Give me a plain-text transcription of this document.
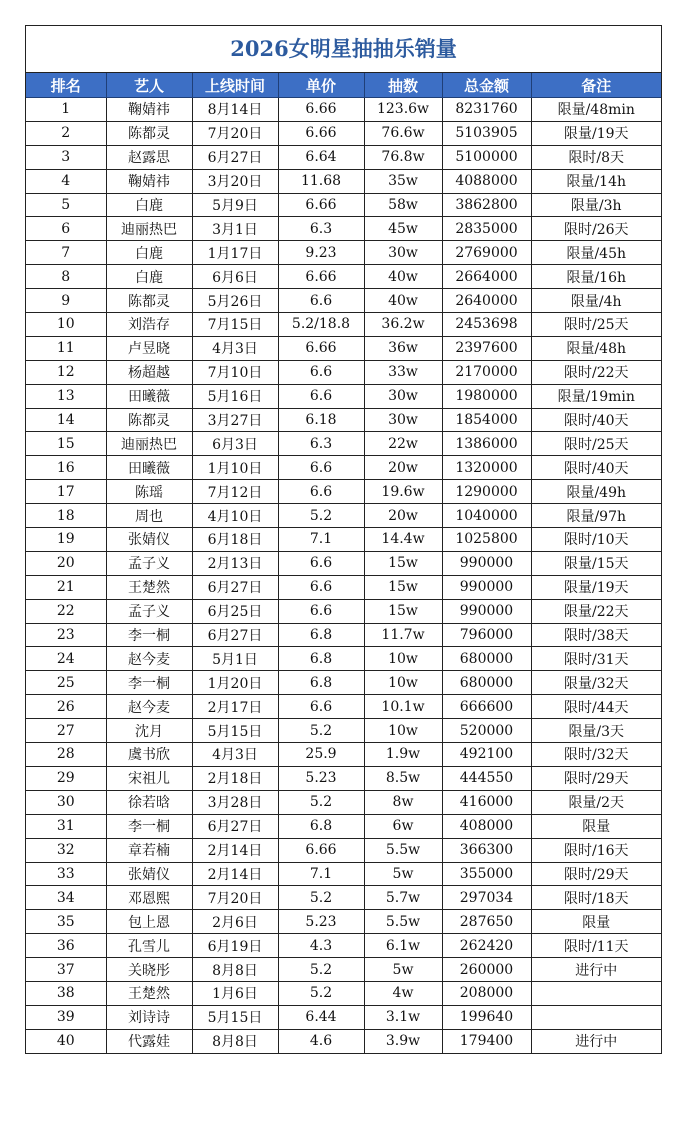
2026女明星抽抽乐销量
排名	艺人	上线时间	单价	抽数	总金额	备注
1	鞠婧祎	8月14日	6.66	123.6w	8231760	限量/48min
2	陈都灵	7月20日	6.66	76.6w	5103905	限量/19天
3	赵露思	6月27日	6.64	76.8w	5100000	限时/8天
4	鞠婧祎	3月20日	11.68	35w	4088000	限量/14h
5	白鹿	5月9日	6.66	58w	3862800	限量/3h
6	迪丽热巴	3月1日	6.3	45w	2835000	限时/26天
7	白鹿	1月17日	9.23	30w	2769000	限量/45h
8	白鹿	6月6日	6.66	40w	2664000	限量/16h
9	陈都灵	5月26日	6.6	40w	2640000	限量/4h
10	刘浩存	7月15日	5.2/18.8	36.2w	2453698	限时/25天
11	卢昱晓	4月3日	6.66	36w	2397600	限量/48h
12	杨超越	7月10日	6.6	33w	2170000	限时/22天
13	田曦薇	5月16日	6.6	30w	1980000	限量/19min
14	陈都灵	3月27日	6.18	30w	1854000	限时/40天
15	迪丽热巴	6月3日	6.3	22w	1386000	限时/25天
16	田曦薇	1月10日	6.6	20w	1320000	限时/40天
17	陈瑶	7月12日	6.6	19.6w	1290000	限量/49h
18	周也	4月10日	5.2	20w	1040000	限量/97h
19	张婧仪	6月18日	7.1	14.4w	1025800	限时/10天
20	孟子义	2月13日	6.6	15w	990000	限量/15天
21	王楚然	6月27日	6.6	15w	990000	限量/19天
22	孟子义	6月25日	6.6	15w	990000	限量/22天
23	李一桐	6月27日	6.8	11.7w	796000	限时/38天
24	赵今麦	5月1日	6.8	10w	680000	限时/31天
25	李一桐	1月20日	6.8	10w	680000	限量/32天
26	赵今麦	2月17日	6.6	10.1w	666600	限时/44天
27	沈月	5月15日	5.2	10w	520000	限量/3天
28	虞书欣	4月3日	25.9	1.9w	492100	限时/32天
29	宋祖儿	2月18日	5.23	8.5w	444550	限时/29天
30	徐若晗	3月28日	5.2	8w	416000	限量/2天
31	李一桐	6月27日	6.8	6w	408000	限量
32	章若楠	2月14日	6.66	5.5w	366300	限时/16天
33	张婧仪	2月14日	7.1	5w	355000	限时/29天
34	邓恩熙	7月20日	5.2	5.7w	297034	限时/18天
35	包上恩	2月6日	5.23	5.5w	287650	限量
36	孔雪儿	6月19日	4.3	6.1w	262420	限时/11天
37	关晓彤	8月8日	5.2	5w	260000	进行中
38	王楚然	1月6日	5.2	4w	208000	
39	刘诗诗	5月15日	6.44	3.1w	199640	
40	代露娃	8月8日	4.6	3.9w	179400	进行中
